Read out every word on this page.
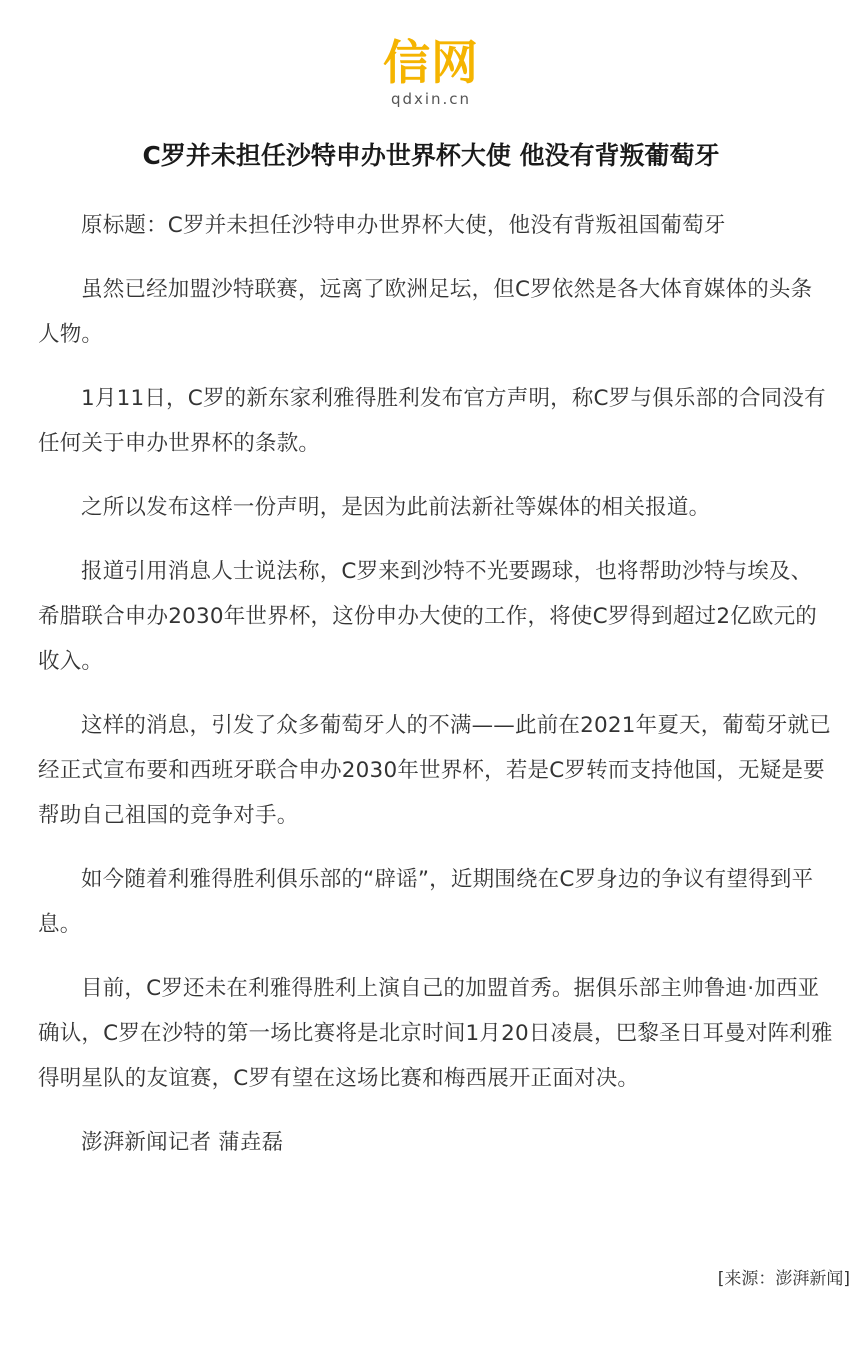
信网
qdxin.cn
C罗并未担任沙特申办世界杯大使 他没有背叛葡萄牙

原标题：C罗并未担任沙特申办世界杯大使，他没有背叛祖国葡萄牙

虽然已经加盟沙特联赛，远离了欧洲足坛，但C罗依然是各大体育媒体的头条人物。

1月11日，C罗的新东家利雅得胜利发布官方声明，称C罗与俱乐部的合同没有任何关于申办世界杯的条款。

之所以发布这样一份声明，是因为此前法新社等媒体的相关报道。

报道引用消息人士说法称，C罗来到沙特不光要踢球，也将帮助沙特与埃及、希腊联合申办2030年世界杯，这份申办大使的工作，将使C罗得到超过2亿欧元的收入。

这样的消息，引发了众多葡萄牙人的不满——此前在2021年夏天，葡萄牙就已经正式宣布要和西班牙联合申办2030年世界杯，若是C罗转而支持他国，无疑是要帮助自己祖国的竞争对手。

如今随着利雅得胜利俱乐部的“辟谣”，近期围绕在C罗身边的争议有望得到平息。

目前，C罗还未在利雅得胜利上演自己的加盟首秀。据俱乐部主帅鲁迪·加西亚确认，C罗在沙特的第一场比赛将是北京时间1月20日凌晨，巴黎圣日耳曼对阵利雅得明星队的友谊赛，C罗有望在这场比赛和梅西展开正面对决。

澎湃新闻记者 蒲垚磊

[来源：澎湃新闻]
